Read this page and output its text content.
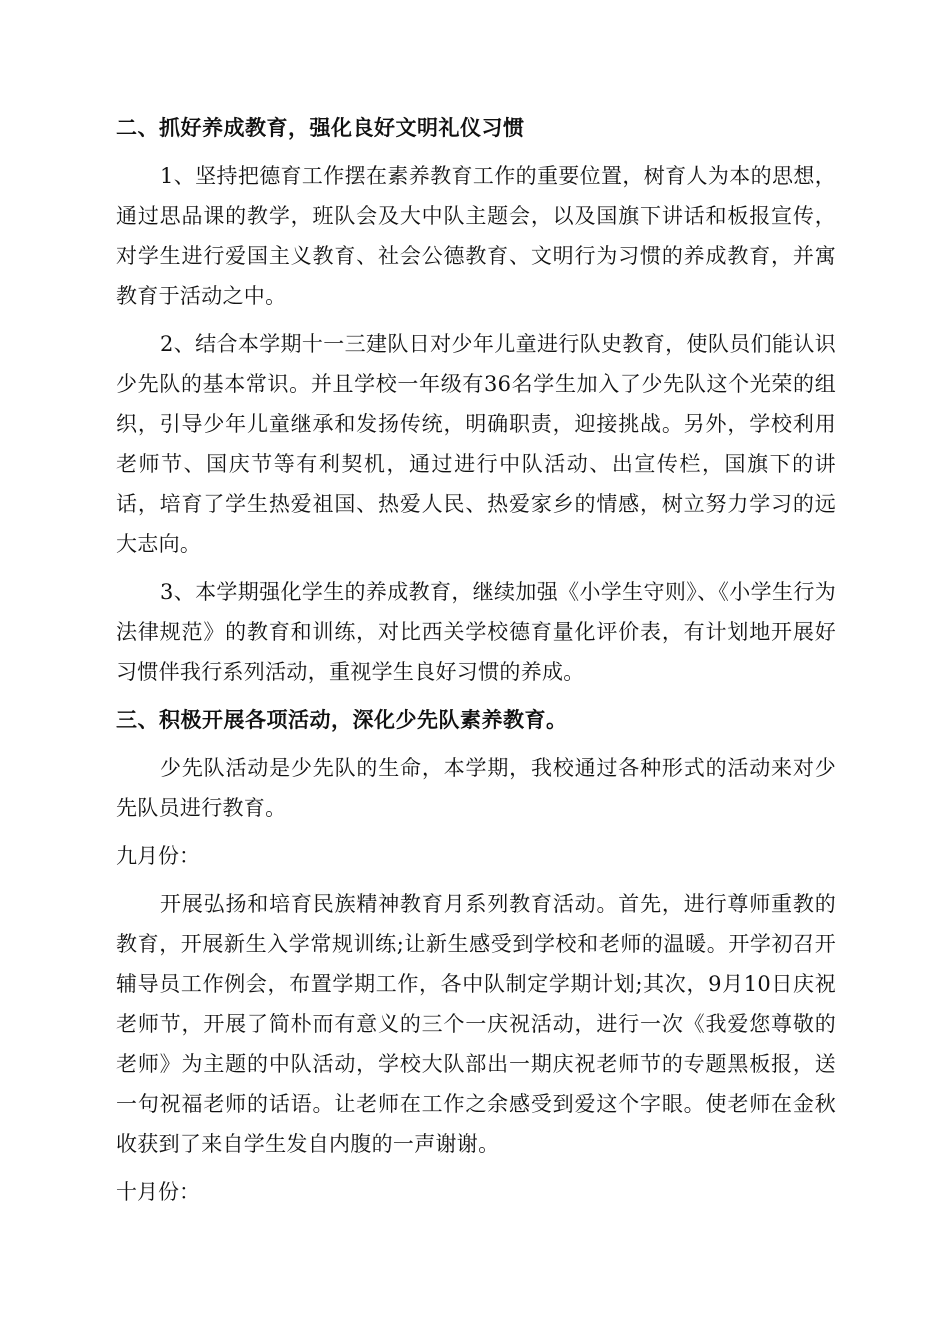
二、抓好养成教育，强化良好文明礼仪习惯

1、坚持把德育工作摆在素养教育工作的重要位置，树育人为本的思想，通过思品课的教学，班队会及大中队主题会，以及国旗下讲话和板报宣传，对学生进行爱国主义教育、社会公德教育、文明行为习惯的养成教育，并寓教育于活动之中。

2、结合本学期十一三建队日对少年儿童进行队史教育，使队员们能认识少先队的基本常识。并且学校一年级有36名学生加入了少先队这个光荣的组织，引导少年儿童继承和发扬传统，明确职责，迎接挑战。另外，学校利用老师节、国庆节等有利契机，通过进行中队活动、出宣传栏，国旗下的讲话，培育了学生热爱祖国、热爱人民、热爱家乡的情感，树立努力学习的远大志向。

3、本学期强化学生的养成教育，继续加强《小学生守则》、《小学生行为法律规范》的教育和训练，对比西关学校德育量化评价表，有计划地开展好习惯伴我行系列活动，重视学生良好习惯的养成。

三、积极开展各项活动，深化少先队素养教育。

少先队活动是少先队的生命，本学期，我校通过各种形式的活动来对少先队员进行教育。

九月份：

开展弘扬和培育民族精神教育月系列教育活动。首先，进行尊师重教的教育，开展新生入学常规训练;让新生感受到学校和老师的温暖。开学初召开辅导员工作例会，布置学期工作，各中队制定学期计划;其次，9月10日庆祝老师节，开展了简朴而有意义的三个一庆祝活动，进行一次《我爱您尊敬的老师》为主题的中队活动，学校大队部出一期庆祝老师节的专题黑板报，送一句祝福老师的话语。让老师在工作之余感受到爱这个字眼。使老师在金秋收获到了来自学生发自内腹的一声谢谢。

十月份：
